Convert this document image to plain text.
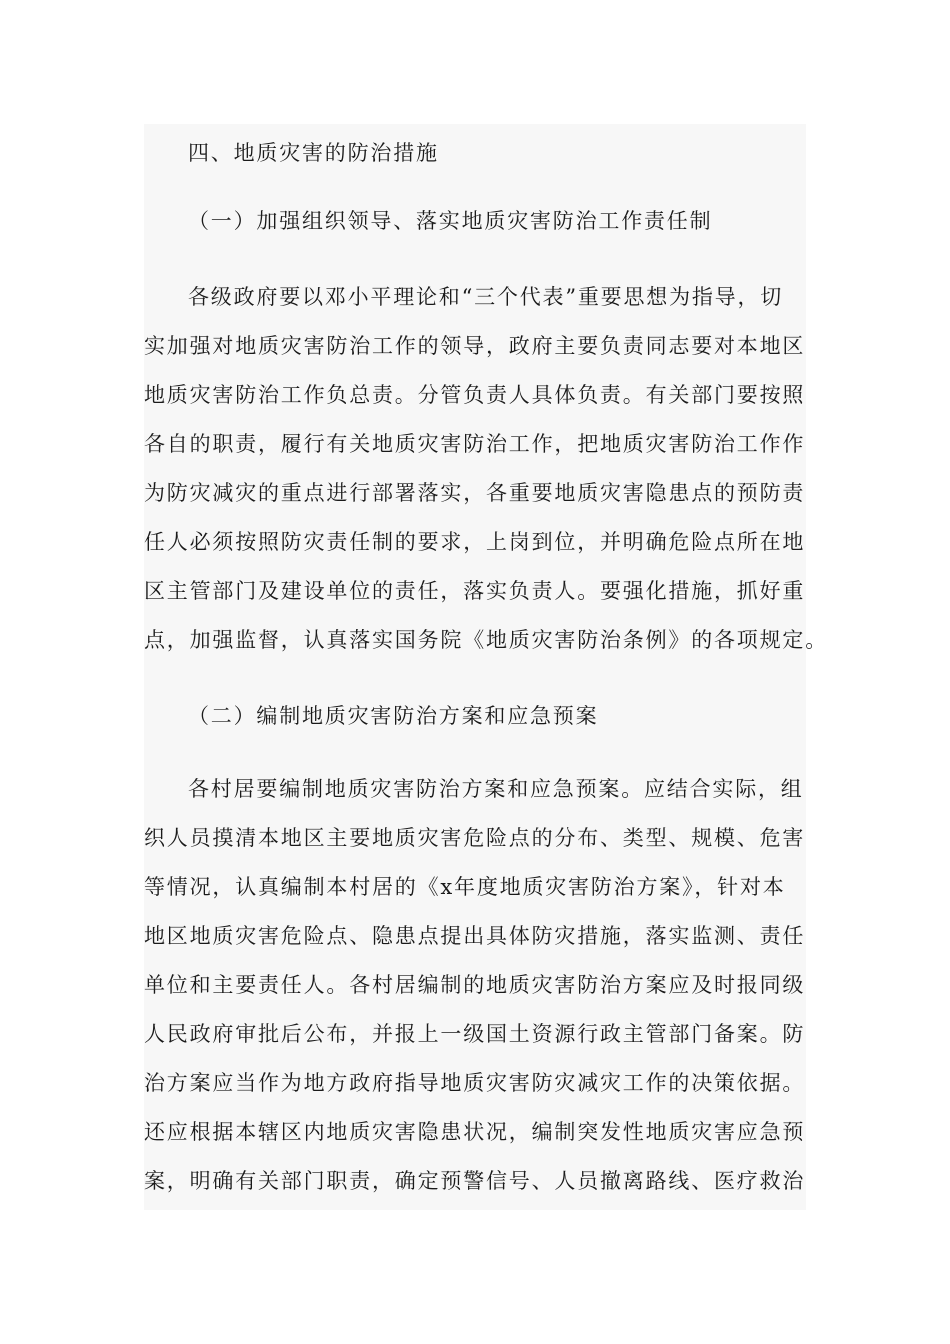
四、地质灾害的防治措施
（一）加强组织领导、落实地质灾害防治工作责任制
各级政府要以邓小平理论和“三个代表”重要思想为指导，切
实加强对地质灾害防治工作的领导，政府主要负责同志要对本地区
地质灾害防治工作负总责。分管负责人具体负责。有关部门要按照
各自的职责，履行有关地质灾害防治工作，把地质灾害防治工作作
为防灾减灾的重点进行部署落实，各重要地质灾害隐患点的预防责
任人必须按照防灾责任制的要求，上岗到位，并明确危险点所在地
区主管部门及建设单位的责任，落实负责人。要强化措施，抓好重
点，加强监督，认真落实国务院《地质灾害防治条例》的各项规定。
（二）编制地质灾害防治方案和应急预案
各村居要编制地质灾害防治方案和应急预案。应结合实际，组
织人员摸清本地区主要地质灾害危险点的分布、类型、规模、危害
等情况，认真编制本村居的《x年度地质灾害防治方案》，针对本
地区地质灾害危险点、隐患点提出具体防灾措施，落实监测、责任
单位和主要责任人。各村居编制的地质灾害防治方案应及时报同级
人民政府审批后公布，并报上一级国土资源行政主管部门备案。防
治方案应当作为地方政府指导地质灾害防灾减灾工作的决策依据。
还应根据本辖区内地质灾害隐患状况，编制突发性地质灾害应急预
案，明确有关部门职责，确定预警信号、人员撤离路线、医疗救治
